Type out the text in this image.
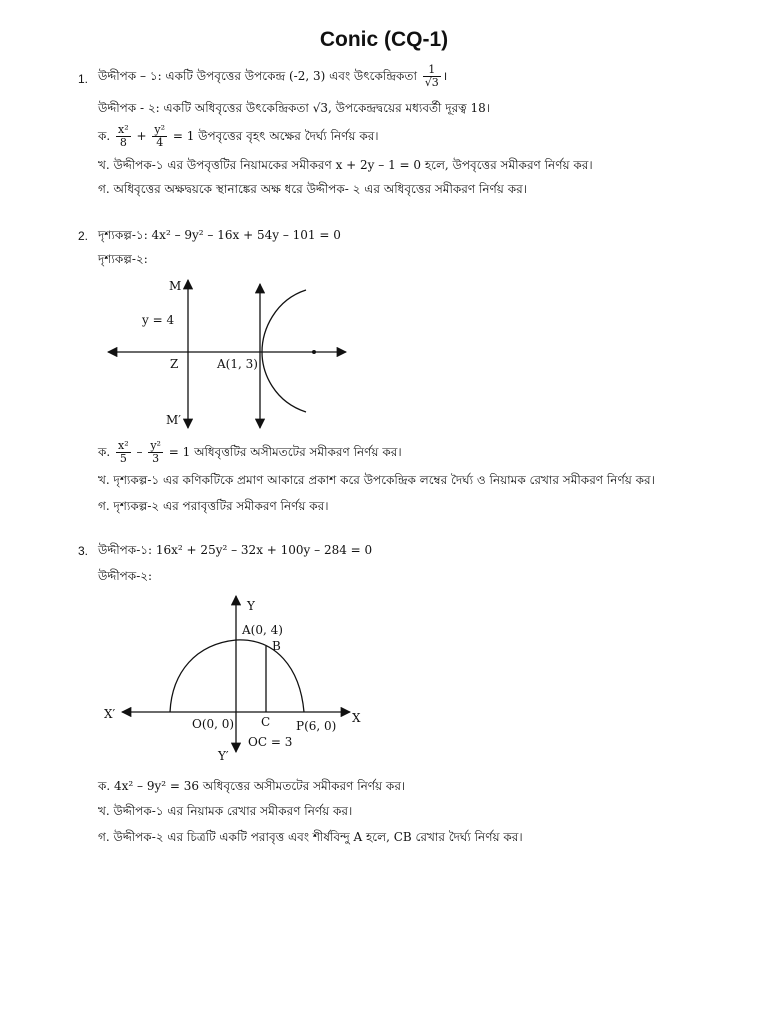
Conic (CQ-1)
1. উদ্দীপক – ১: একটি উপবৃত্তের উপকেন্দ্র (-2, 3) এবং উৎকেন্দ্রিকতা $\frac{1}{√3}$ ।
উদ্দীপক - ২: একটি অধিবৃত্তের উৎকেন্দ্রিকতা √3, উপকেন্দ্রদ্বয়ের মধ্যবর্তী দূরত্ব 18।
ক. $\frac{\text{x²}}{8} + \frac{\text{y²}}{4} = 1$ উপবৃত্তের বৃহৎ অক্ষের দৈর্ঘ্য নির্ণয় কর।
খ. উদ্দীপক-১ এর উপবৃত্তটির নিয়ামকের সমীকরণ x + 2y – 1 = 0 হলে, উপবৃত্তের সমীকরণ নির্ণয় কর।
গ. অধিবৃত্তের অক্ষদ্বয়কে স্থানাঙ্কের অক্ষ ধরে উদ্দীপক- ২ এর অধিবৃত্তের সমীকরণ নির্ণয় কর।
2. দৃশ্যকল্প-১: 4x² – 9y² – 16x + 54y – 101 = 0
দৃশ্যকল্প-২:
M
M′
y = 4
Z	A(1, 3)
ক. $\frac{\text{x²}}{5} - \frac{\text{y²}}{3} = 1$ অধিবৃত্তটির অসীমতটের সমীকরণ নির্ণয় কর।
খ. দৃশ্যকল্প-১ এর কণিকটিকে প্রমাণ আকারে প্রকাশ করে উপকেন্দ্রিক লম্বের দৈর্ঘ্য ও নিয়ামক রেখার সমীকরণ নির্ণয় কর।
গ. দৃশ্যকল্প-২ এর পরাবৃত্তটির সমীকরণ নির্ণয় কর।
3. উদ্দীপক-১: 16x² + 25y² – 32x + 100y – 284 = 0
উদ্দীপক-২:
Y
Y′
X
X′
A(0, 4)
B
O(0, 0) C P(6, 0)
OC = 3
ক. 4x² – 9y² = 36 অধিবৃত্তের অসীমতটের সমীকরণ নির্ণয় কর।
খ. উদ্দীপক-১ এর নিয়ামক রেখার সমীকরণ নির্ণয় কর।
গ. উদ্দীপক-২ এর চিত্রটি একটি পরাবৃত্ত এবং শীর্ষবিন্দু A হলে, CB রেখার দৈর্ঘ্য নির্ণয় কর।
